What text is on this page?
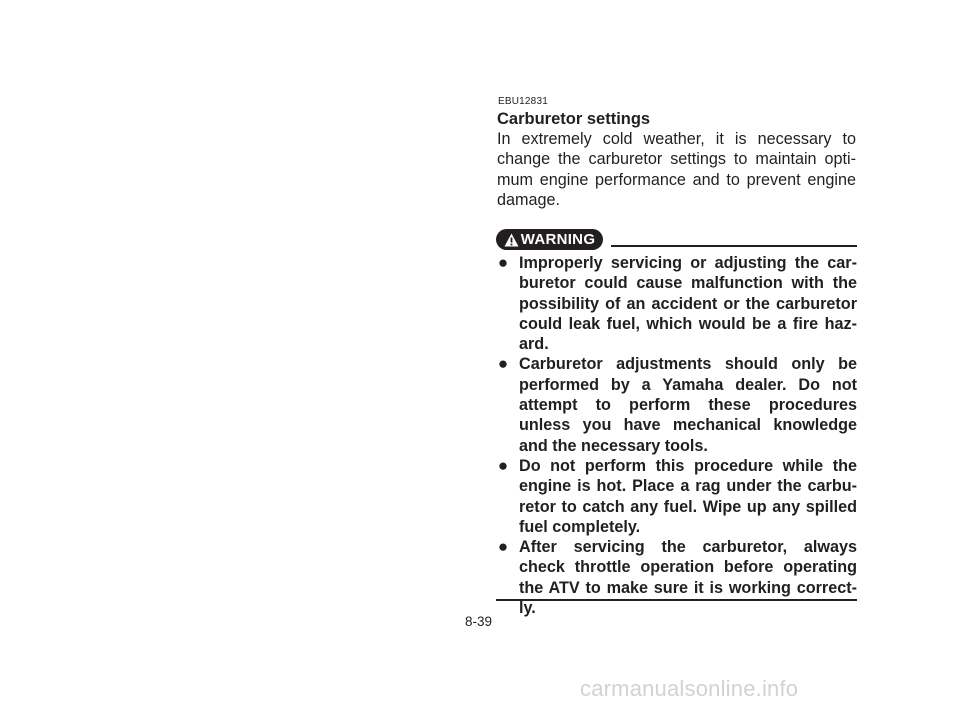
EBU12831
Carburetor settings
In extremely cold weather, it is necessary to change the carburetor settings to maintain opti-mum engine performance and to prevent engine damage.
WARNING
● Improperly servicing or adjusting the car-buretor could cause malfunction with the possibility of an accident or the carburetor could leak fuel, which would be a fire haz-ard.
● Carburetor adjustments should only be performed by a Yamaha dealer. Do not attempt to perform these procedures unless you have mechanical knowledge and the necessary tools.
● Do not perform this procedure while the engine is hot. Place a rag under the carbu-retor to catch any fuel. Wipe up any spilled fuel completely.
● After servicing the carburetor, always check throttle operation before operating the ATV to make sure it is working correct-ly.
8-39
carmanualsonline.info
